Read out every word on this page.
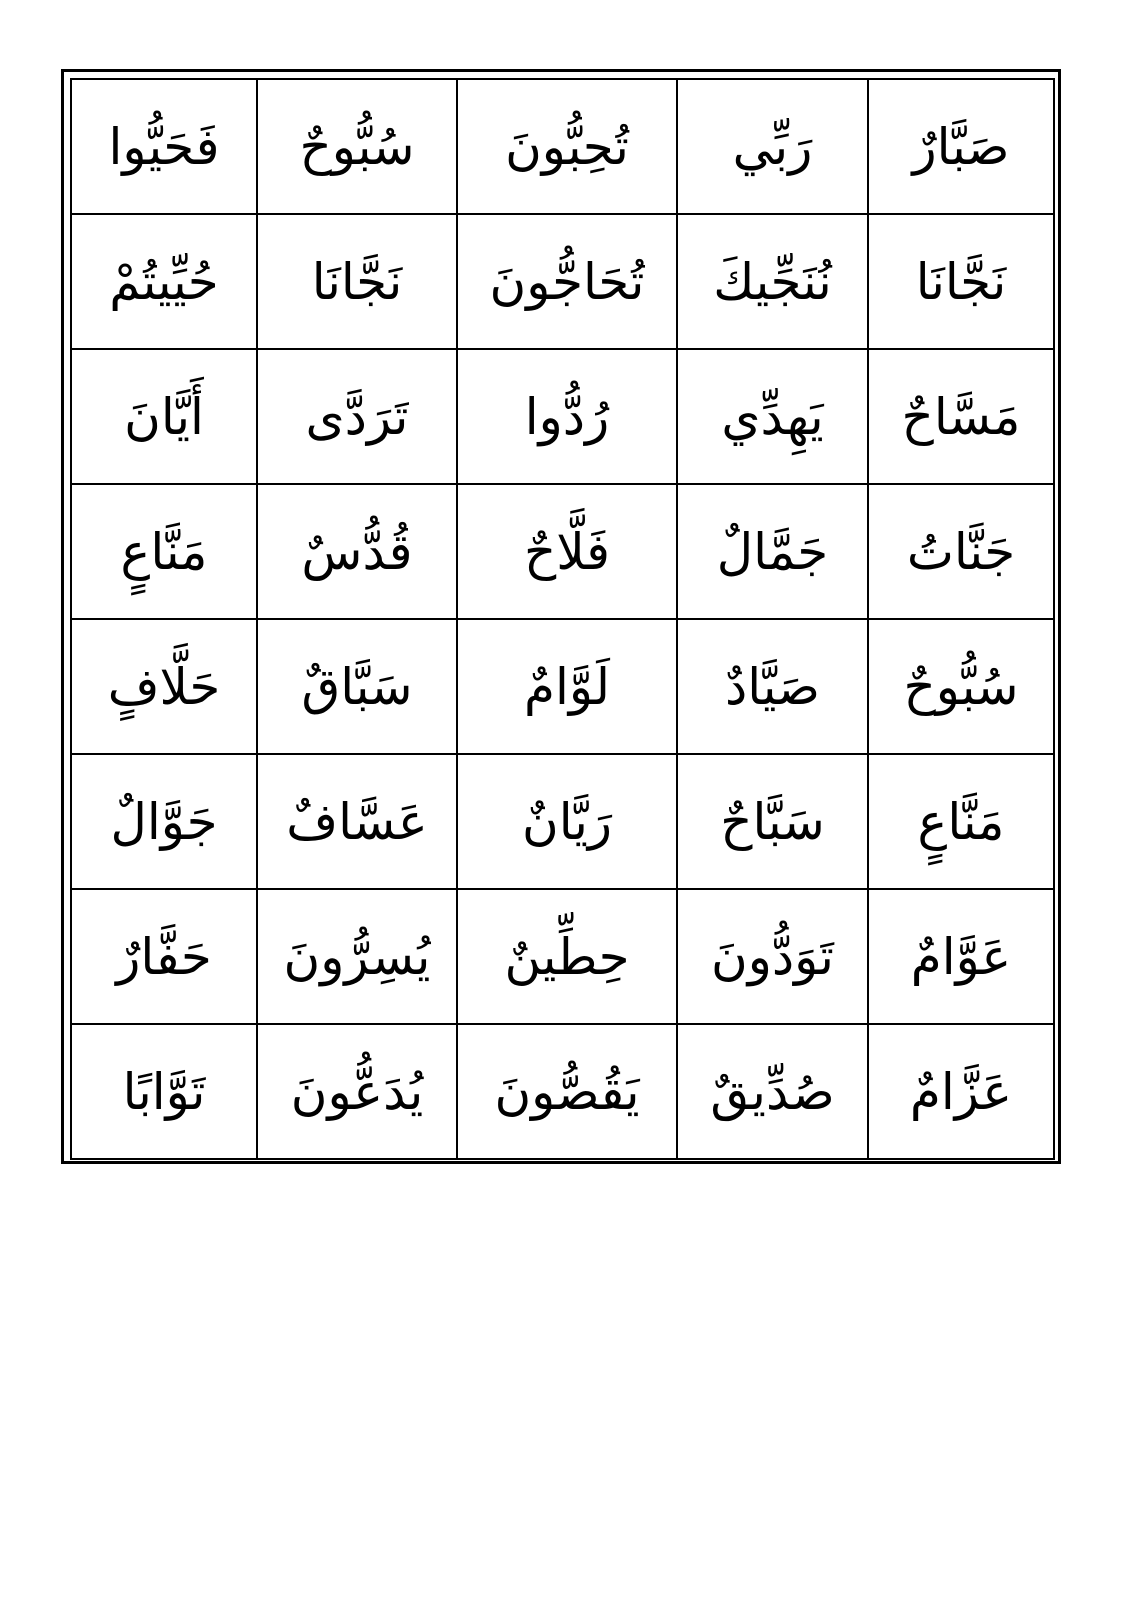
صَبَّارٌ	رَبِّي	تُحِبُّونَ	سُبُّوحٌ	فَحَيُّوا
نَجَّانَا	نُنَجِّيكَ	تُحَاجُّونَ	نَجَّانَا	حُيِّيتُمْ
مَسَّاحٌ	يَهِدِّي	رُدُّوا	تَرَدَّى	أَيَّانَ
جَنَّاتُ	جَمَّالٌ	فَلَّاحٌ	قُدُّسٌ	مَنَّاعٍ
سُبُّوحٌ	صَيَّادٌ	لَوَّامٌ	سَبَّاقٌ	حَلَّافٍ
مَنَّاعٍ	سَبَّاحٌ	رَيَّانٌ	عَسَّافٌ	جَوَّالٌ
عَوَّامٌ	تَوَدُّونَ	حِطِّينٌ	يُسِرُّونَ	حَفَّارٌ
عَزَّامٌ	صُدِّيقٌ	يَقُصُّونَ	يُدَعُّونَ	تَوَّابًا
